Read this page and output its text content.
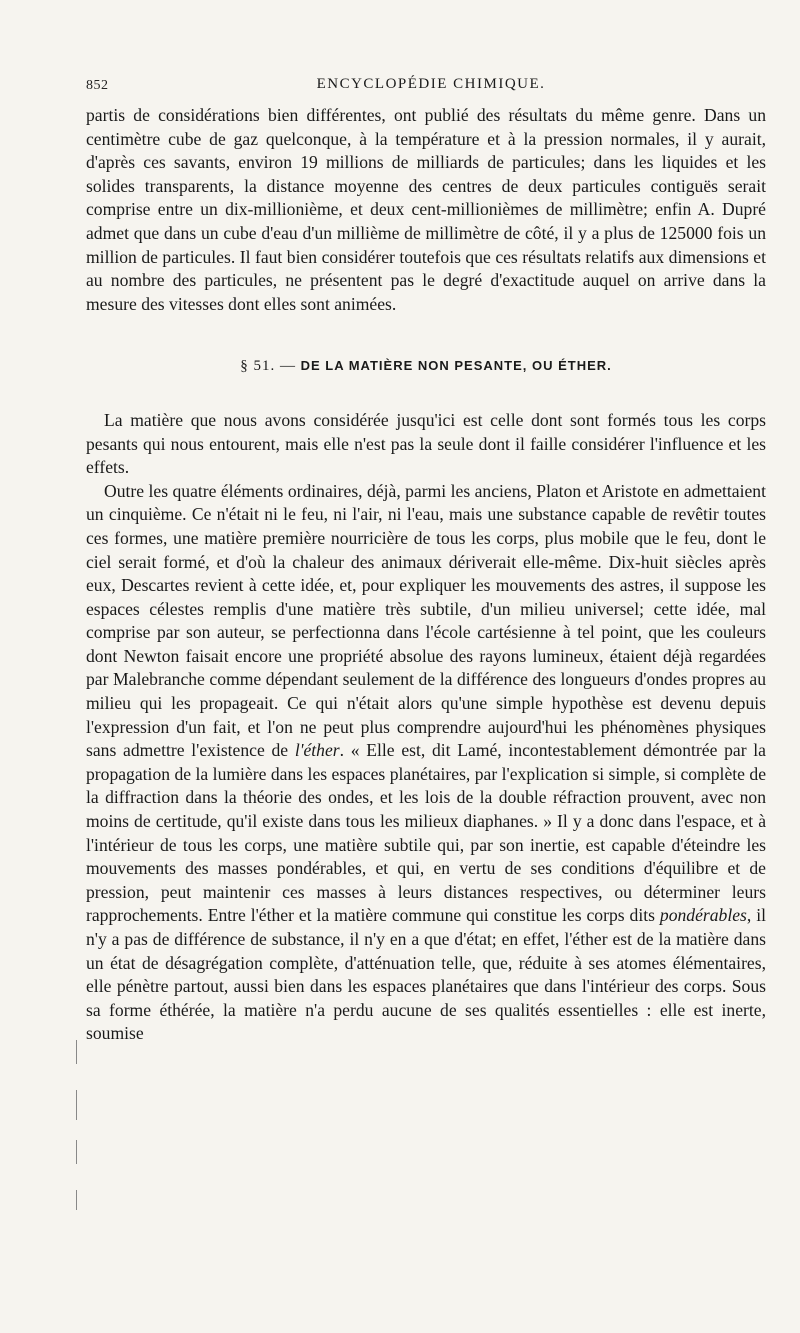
852	ENCYCLOPÉDIE CHIMIQUE.

partis de considérations bien différentes, ont publié des résultats du même genre. Dans un centimètre cube de gaz quelconque, à la température et à la pression normales, il y aurait, d'après ces savants, environ 19 millions de milliards de particules; dans les liquides et les solides transparents, la distance moyenne des centres de deux particules contiguës serait comprise entre un dix-millionième, et deux cent-millionièmes de millimètre; enfin A. Dupré admet que dans un cube d'eau d'un millième de millimètre de côté, il y a plus de 125000 fois un million de particules. Il faut bien considérer toutefois que ces résultats relatifs aux dimensions et au nombre des particules, ne présentent pas le degré d'exactitude auquel on arrive dans la mesure des vitesses dont elles sont animées.

§ 51. — DE LA MATIÈRE NON PESANTE, OU ÉTHER.

La matière que nous avons considérée jusqu'ici est celle dont sont formés tous les corps pesants qui nous entourent, mais elle n'est pas la seule dont il faille considérer l'influence et les effets.

Outre les quatre éléments ordinaires, déjà, parmi les anciens, Platon et Aristote en admettaient un cinquième. Ce n'était ni le feu, ni l'air, ni l'eau, mais une substance capable de revêtir toutes ces formes, une matière première nourricière de tous les corps, plus mobile que le feu, dont le ciel serait formé, et d'où la chaleur des animaux dériverait elle-même. Dix-huit siècles après eux, Descartes revient à cette idée, et, pour expliquer les mouvements des astres, il suppose les espaces célestes remplis d'une matière très subtile, d'un milieu universel; cette idée, mal comprise par son auteur, se perfectionna dans l'école cartésienne à tel point, que les couleurs dont Newton faisait encore une propriété absolue des rayons lumineux, étaient déjà regardées par Malebranche comme dépendant seulement de la différence des longueurs d'ondes propres au milieu qui les propageait. Ce qui n'était alors qu'une simple hypothèse est devenu depuis l'expression d'un fait, et l'on ne peut plus comprendre aujourd'hui les phénomènes physiques sans admettre l'existence de l'éther. « Elle est, dit Lamé, incontestablement démontrée par la propagation de la lumière dans les espaces planétaires, par l'explication si simple, si complète de la diffraction dans la théorie des ondes, et les lois de la double réfraction prouvent, avec non moins de certitude, qu'il existe dans tous les milieux diaphanes. » Il y a donc dans l'espace, et à l'intérieur de tous les corps, une matière subtile qui, par son inertie, est capable d'éteindre les mouvements des masses pondérables, et qui, en vertu de ses conditions d'équilibre et de pression, peut maintenir ces masses à leurs distances respectives, ou déterminer leurs rapprochements. Entre l'éther et la matière commune qui constitue les corps dits pondérables, il n'y a pas de différence de substance, il n'y en a que d'état; en effet, l'éther est de la matière dans un état de désagrégation complète, d'atténuation telle, que, réduite à ses atomes élémentaires, elle pénètre partout, aussi bien dans les espaces planétaires que dans l'intérieur des corps. Sous sa forme éthérée, la matière n'a perdu aucune de ses qualités essentielles : elle est inerte, soumise
